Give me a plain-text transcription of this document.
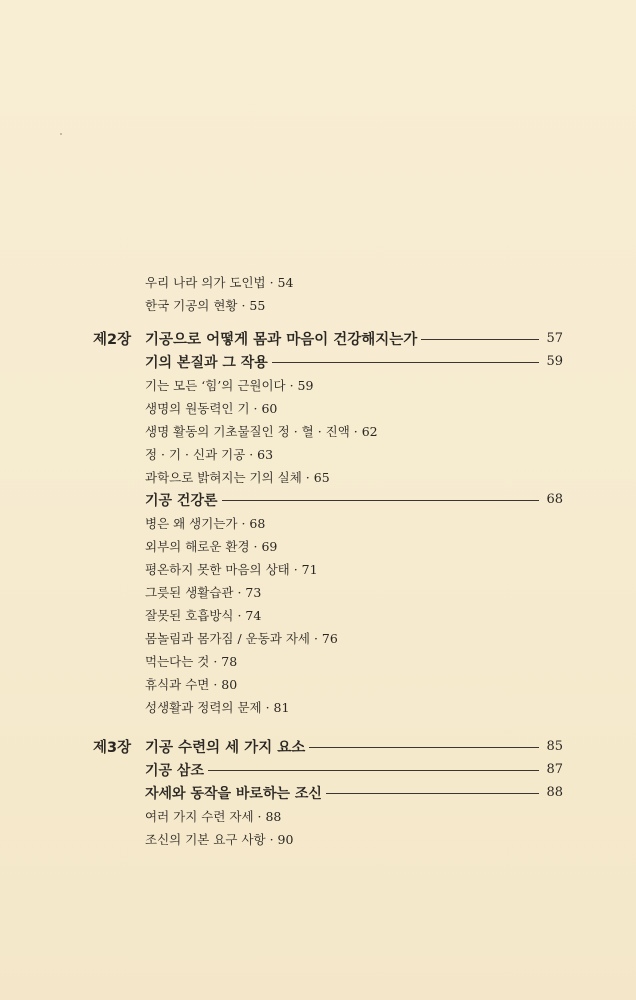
우리 나라 의가 도인법 · 54
한국 기공의 현황 · 55
제2장 기공으로 어떻게 몸과 마음이 건강해지는가	57
기의 본질과 그 작용	59
기는 모든 ‘힘’의 근원이다 · 59
생명의 원동력인 기 · 60
생명 활동의 기초물질인 정 · 혈 · 진액 · 62
정 · 기 · 신과 기공 · 63
과학으로 밝혀지는 기의 실체 · 65
기공 건강론	68
병은 왜 생기는가 · 68
외부의 해로운 환경 · 69
평온하지 못한 마음의 상태 · 71
그릇된 생활습관 · 73
잘못된 호흡방식 · 74
몸놀림과 몸가짐 / 운동과 자세 · 76
먹는다는 것 · 78
휴식과 수면 · 80
성생활과 정력의 문제 · 81
제3장 기공 수련의 세 가지 요소	85
기공 삼조	87
자세와 동작을 바로하는 조신	88
여러 가지 수련 자세 · 88
조신의 기본 요구 사항 · 90
